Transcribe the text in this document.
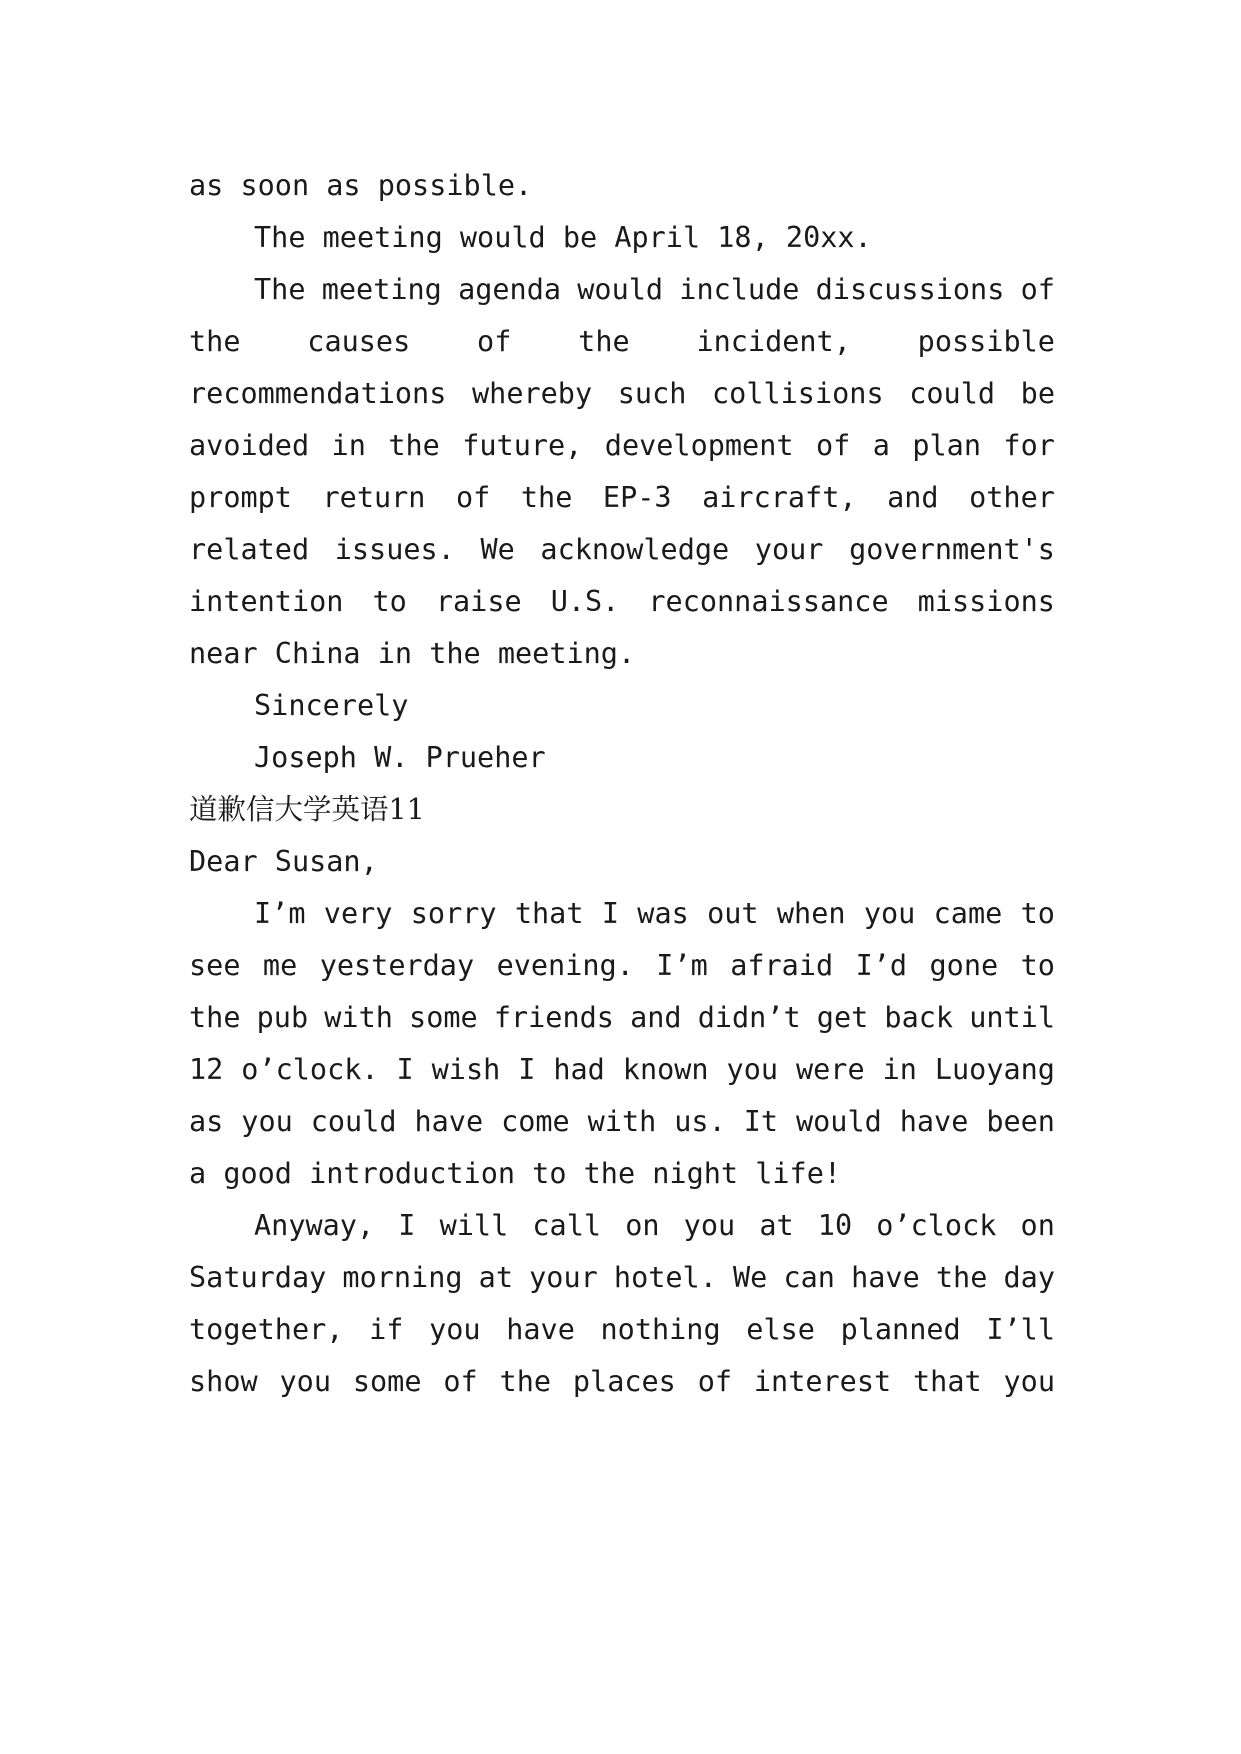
as soon as possible.
The meeting would be April 18, 20xx.
The meeting agenda would include discussions of
the causes of the incident, possible
recommendations whereby such collisions could be
avoided in the future, development of a plan for
prompt return of the EP-3 aircraft, and other
related issues. We acknowledge your government's
intention to raise U.S. reconnaissance missions
near China in the meeting.
Sincerely
Joseph W. Prueher
道歉信大学英语11
Dear Susan,
I’m very sorry that I was out when you came to
see me yesterday evening. I’m afraid I’d gone to
the pub with some friends and didn’t get back until
12 o’clock. I wish I had known you were in Luoyang
as you could have come with us. It would have been
a good introduction to the night life!
Anyway, I will call on you at 10 o’clock on
Saturday morning at your hotel. We can have the day
together, if you have nothing else planned I’ll
show you some of the places of interest that you
